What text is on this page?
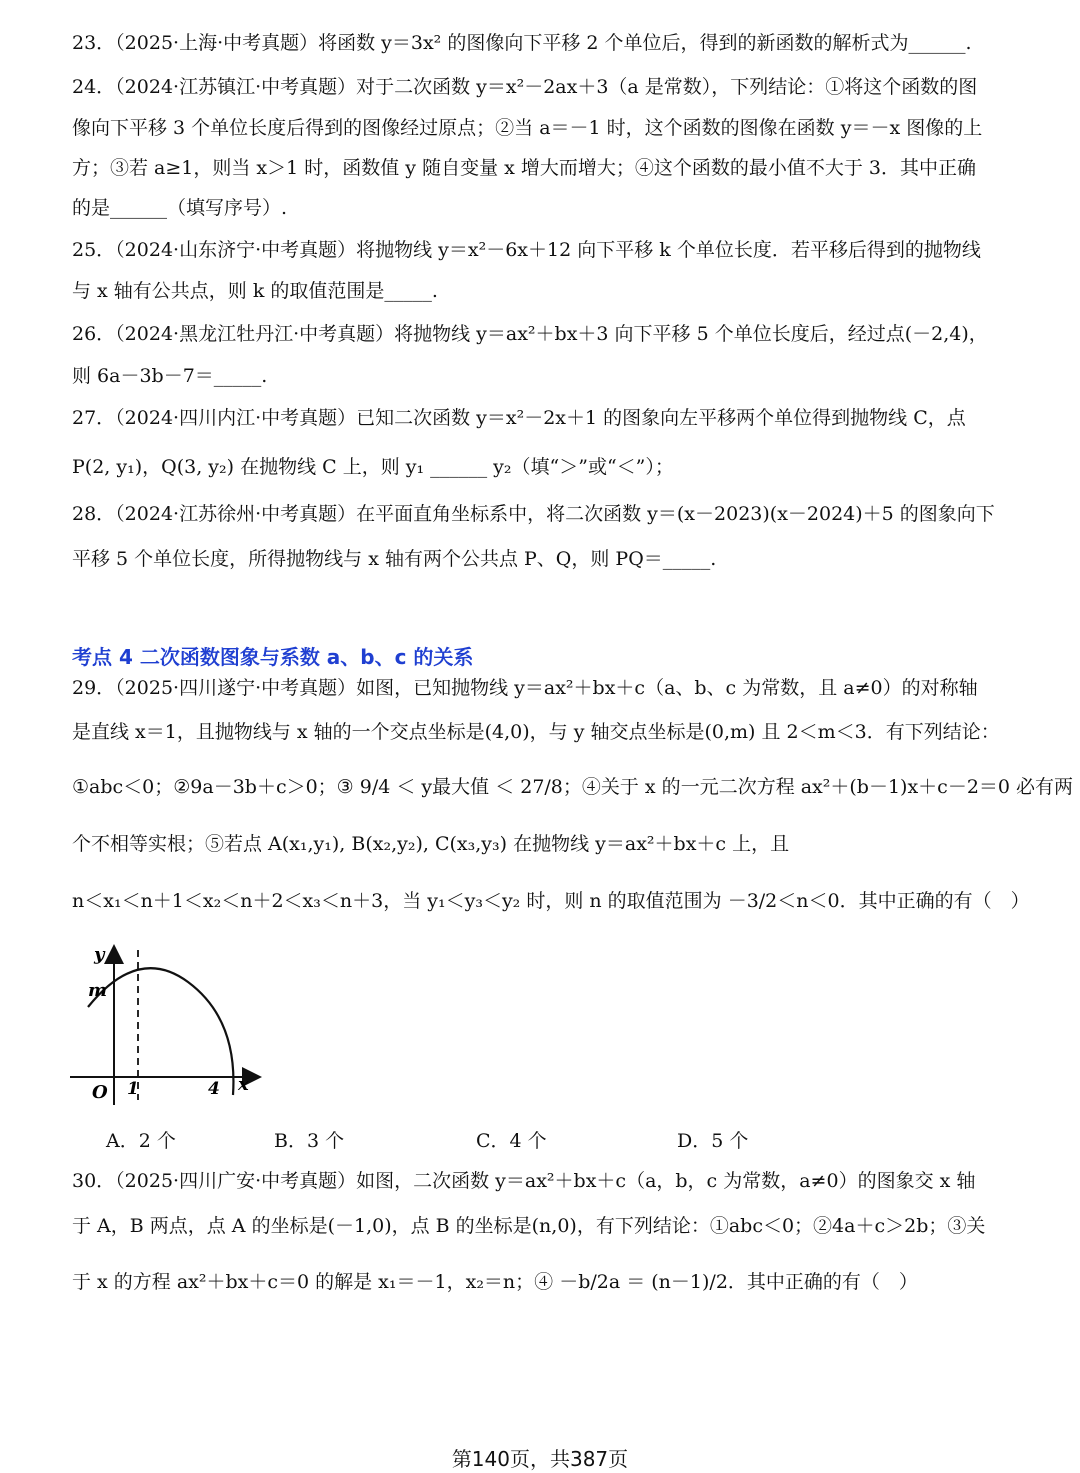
23．（2025·上海·中考真题）将函数 y＝3x² 的图像向下平移 2 个单位后，得到的新函数的解析式为______.
24．（2024·江苏镇江·中考真题）对于二次函数 y＝x²－2ax＋3（a 是常数），下列结论：①将这个函数的图
像向下平移 3 个单位长度后得到的图像经过原点；②当 a＝－1 时，这个函数的图像在函数 y＝－x 图像的上
方；③若 a≥1，则当 x＞1 时，函数值 y 随自变量 x 增大而增大；④这个函数的最小值不大于 3．其中正确
的是______（填写序号）.
25．（2024·山东济宁·中考真题）将抛物线 y＝x²－6x＋12 向下平移 k 个单位长度．若平移后得到的抛物线
与 x 轴有公共点，则 k 的取值范围是_____.
26．（2024·黑龙江牡丹江·中考真题）将抛物线 y＝ax²＋bx＋3 向下平移 5 个单位长度后，经过点(－2,4)，
则 6a－3b－7＝_____.
27．（2024·四川内江·中考真题）已知二次函数 y＝x²－2x＋1 的图象向左平移两个单位得到抛物线 C，点
P(2, y₁)，Q(3, y₂) 在抛物线 C 上，则 y₁ ______ y₂（填“＞”或“＜”）；
28．（2024·江苏徐州·中考真题）在平面直角坐标系中，将二次函数 y＝(x－2023)(x－2024)＋5 的图象向下
平移 5 个单位长度，所得抛物线与 x 轴有两个公共点 P、Q，则 PQ＝_____.
考点 4 二次函数图象与系数 a、b、c 的关系
29．（2025·四川遂宁·中考真题）如图，已知抛物线 y＝ax²＋bx＋c（a、b、c 为常数，且 a≠0）的对称轴
是直线 x＝1，且抛物线与 x 轴的一个交点坐标是(4,0)，与 y 轴交点坐标是(0,m) 且 2＜m＜3．有下列结论：
①abc＜0；②9a－3b＋c＞0；③ 9/4 ＜ y最大值 ＜ 27/8；④关于 x 的一元二次方程 ax²＋(b－1)x＋c－2＝0 必有两
个不相等实根；⑤若点 A(x₁,y₁), B(x₂,y₂), C(x₃,y₃) 在抛物线 y＝ax²＋bx＋c 上，且
n＜x₁＜n＋1＜x₂＜n＋2＜x₃＜n＋3，当 y₁＜y₃＜y₂ 时，则 n 的取值范围为 －3/2＜n＜0．其中正确的有（　）
y
x
m
O 1	4
A．2 个	B．3 个	C．4 个	D．5 个
30．（2025·四川广安·中考真题）如图，二次函数 y＝ax²＋bx＋c（a，b，c 为常数，a≠0）的图象交 x 轴
于 A，B 两点，点 A 的坐标是(－1,0)，点 B 的坐标是(n,0)，有下列结论：①abc＜0；②4a＋c＞2b；③关
于 x 的方程 ax²＋bx＋c＝0 的解是 x₁＝－1，x₂＝n；④ －b/2a ＝ (n－1)/2．其中正确的有（　）
第140页，共387页
